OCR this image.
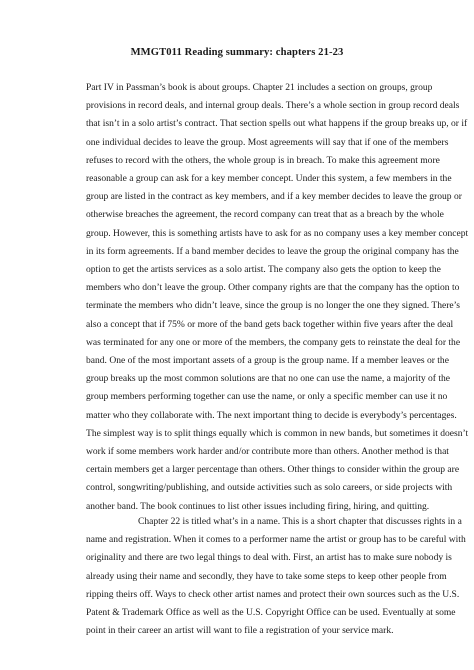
MMGT011 Reading summary: chapters 21-23
Part IV in Passman’s book is about groups. Chapter 21 includes a section on groups, group
provisions in record deals, and internal group deals. There’s a whole section in group record deals
that isn’t in a solo artist’s contract. That section spells out what happens if the group breaks up, or if
one individual decides to leave the group. Most agreements will say that if one of the members
refuses to record with the others, the whole group is in breach. To make this agreement more
reasonable a group can ask for a key member concept. Under this system, a few members in the
group are listed in the contract as key members, and if a key member decides to leave the group or
otherwise breaches the agreement, the record company can treat that as a breach by the whole
group. However, this is something artists have to ask for as no company uses a key member concept
in its form agreements. If a band member decides to leave the group the original company has the
option to get the artists services as a solo artist. The company also gets the option to keep the
members who don’t leave the group. Other company rights are that the company has the option to
terminate the members who didn’t leave, since the group is no longer the one they signed. There’s
also a concept that if 75% or more of the band gets back together within five years after the deal
was terminated for any one or more of the members, the company gets to reinstate the deal for the
band. One of the most important assets of a group is the group name. If a member leaves or the
group breaks up the most common solutions are that no one can use the name, a majority of the
group members performing together can use the name, or only a specific member can use it no
matter who they collaborate with. The next important thing to decide is everybody’s percentages.
The simplest way is to split things equally which is common in new bands, but sometimes it doesn’t
work if some members work harder and/or contribute more than others. Another method is that
certain members get a larger percentage than others. Other things to consider within the group are
control, songwriting/publishing, and outside activities such as solo careers, or side projects with
another band. The book continues to list other issues including firing, hiring, and quitting.
Chapter 22 is titled what’s in a name. This is a short chapter that discusses rights in a
name and registration. When it comes to a performer name the artist or group has to be careful with
originality and there are two legal things to deal with. First, an artist has to make sure nobody is
already using their name and secondly, they have to take some steps to keep other people from
ripping theirs off. Ways to check other artist names and protect their own sources such as the U.S.
Patent & Trademark Office as well as the U.S. Copyright Office can be used. Eventually at some
point in their career an artist will want to file a registration of your service mark.
